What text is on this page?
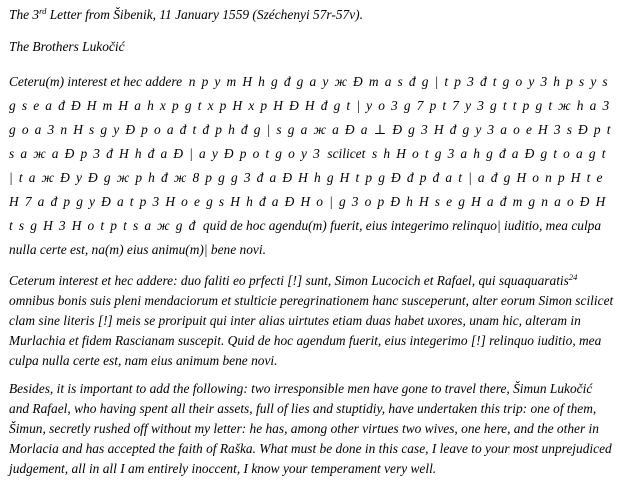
The 3rd Letter from Šibenik, 11 January 1559 (Széchenyi 57r-57v).

The Brothers Lukočić

Ceteru(m) interest et hec addere n p y m H h g đ g a y ж Đ m a s đ g | t p 3 đ t g o y 3 h p s y s g s e a đ Đ H m H a h x p g t x p H x p H Đ H đ g t | y o 3 g 7 p t 7 y 3 g t t p g t ж h a 3 g o a 3 n H s g y Đ p o a đ t đ p h đ g | s g a ж a Đ a ⊥ Đ g 3 H đ g y 3 a o e H 3 s Đ p t s a ж a Đ p 3 đ H h đ a Đ | a y Đ p o t g o y 3 scilicet s h H o t g 3 a h g đ a Đ g t o a g t | t a ж Đ y Đ g ж p h đ ж 8 p g g 3 đ a Đ H h g H t p g Đ đ p đ a t | a đ g H o n p H t e H 7 a đ p g y Đ a t p 3 H o e g s H h đ a Đ H o | g 3 o p Đ h H s e g H a đ m g n a o Đ H t s g H 3 H o t p t s a ж g đ quid de hoc agendu(m) fuerit, eius integerimo relinquo| iuditio, mea culpa nulla certe est, na(m) eius animu(m)| bene novi.

Ceterum interest et hec addere: duo faliti eo prfecti [!] sunt, Simon Lucocich et Rafael, qui squaquaratis$^{24}$ omnibus bonis suis pleni mendaciorum et stulticie peregrinationem hanc susceperunt, alter eorum Simon scilicet clam sine literis [!] meis se proripuit qui inter alias uirtutes etiam duas habet uxores, unam hic, alteram in Murlachia et fidem Rascianam suscepit. Quid de hoc agendum fuerit, eius integerimo [!] relinquo iuditio, mea culpa nulla certe est, nam eius animum bene novi.

Besides, it is important to add the following: two irresponsible men have gone to travel there, Šimun Lukočić and Rafael, who having spent all their assets, full of lies and stuptidiy, have undertaken this trip: one of them, Šimun, secretly rushed off without my letter: he has, among other virtues two wives, one here, and the other in Morlacia and has accepted the faith of Raška. What must be done in this case, I leave to your most unprejudiced judgement, all in all I am entirely inoccent, I know your temperament very well.
